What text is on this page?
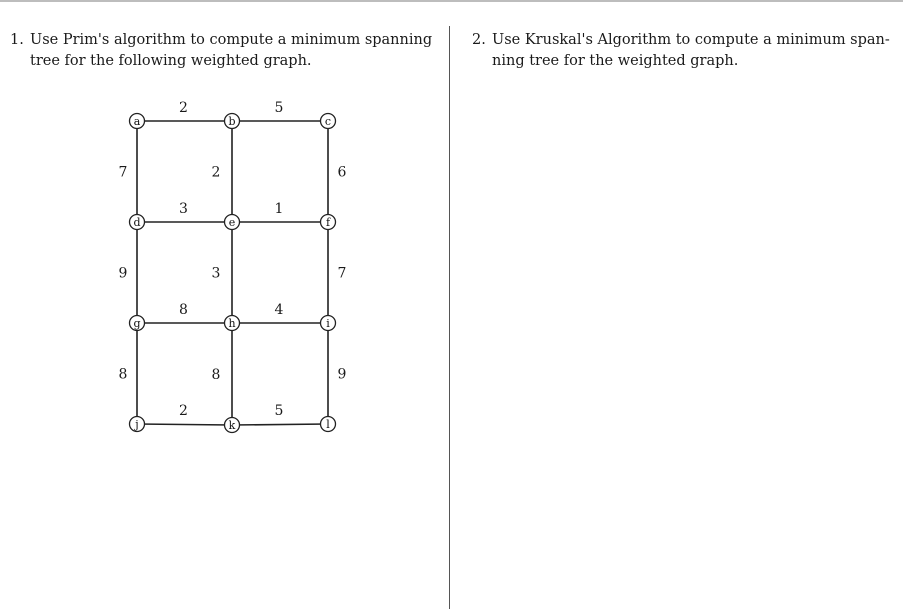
1. Use Prim's algorithm to compute a minimum spanning
tree for the following weighted graph.
2. Use Kruskal's Algorithm to compute a minimum span-
ning tree for the weighted graph.
2	5
7	2	6
3	1
9	3	7
8	4
8	8	9
2	5
a	b	c
d	e	f
g	h	i
j	k	l
